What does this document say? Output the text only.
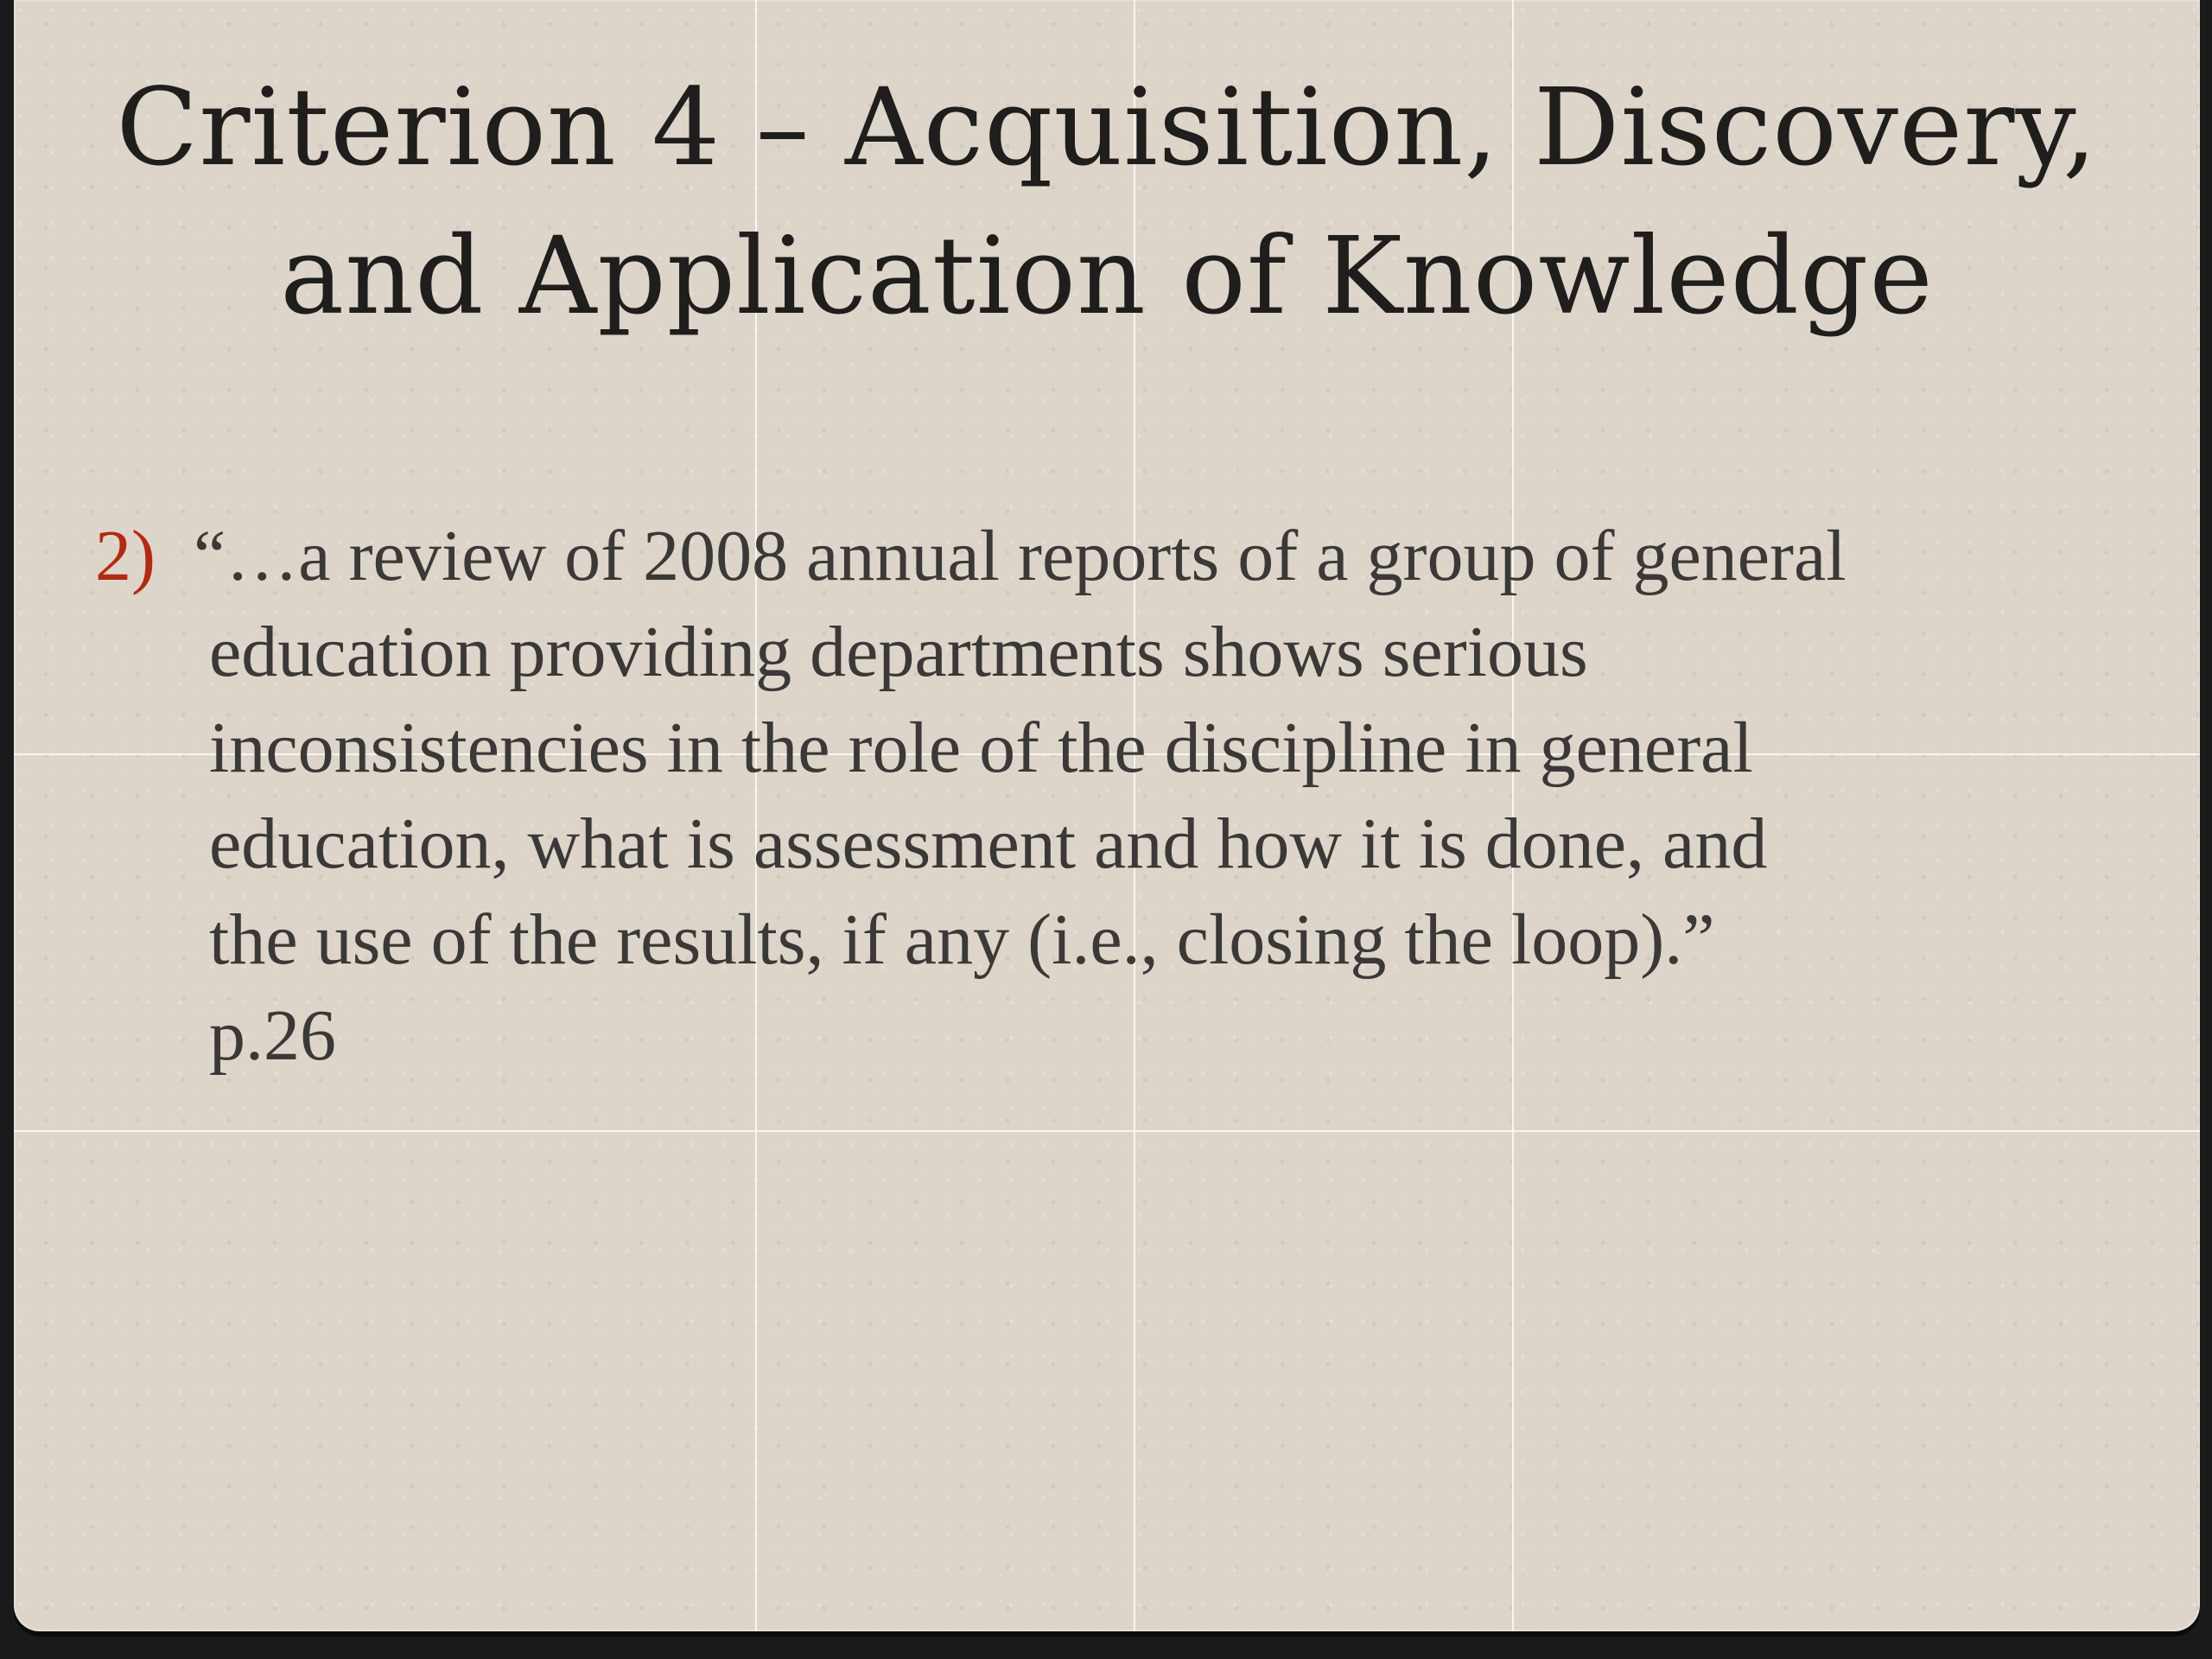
Criterion 4 – Acquisition, Discovery,
and Application of Knowledge
2) “…a review of 2008 annual reports of a group of general
education providing departments shows serious
inconsistencies in the role of the discipline in general
education, what is assessment and how it is done, and
the use of the results, if any (i.e., closing the loop).”
p.26
